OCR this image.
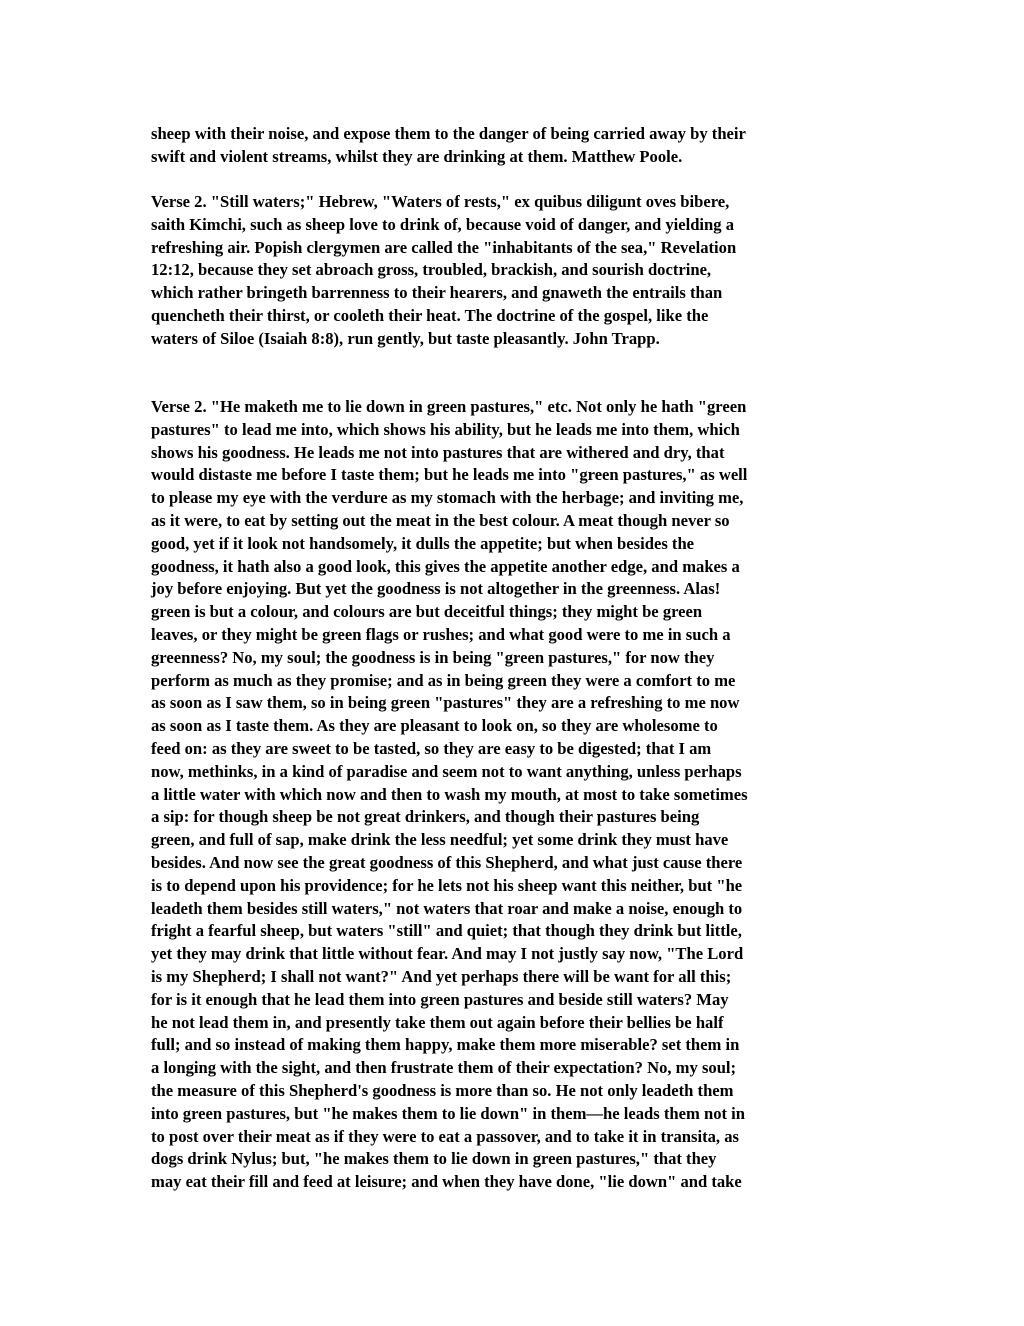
sheep with their noise, and expose them to the danger of being carried away by their
swift and violent streams, whilst they are drinking at them. Matthew Poole.

Verse 2. "Still waters;" Hebrew, "Waters of rests," ex quibus diligunt oves bibere,
saith Kimchi, such as sheep love to drink of, because void of danger, and yielding a
refreshing air. Popish clergymen are called the "inhabitants of the sea," Revelation
12:12, because they set abroach gross, troubled, brackish, and sourish doctrine,
which rather bringeth barrenness to their hearers, and gnaweth the entrails than
quencheth their thirst, or cooleth their heat. The doctrine of the gospel, like the
waters of Siloe (Isaiah 8:8), run gently, but taste pleasantly. John Trapp.

Verse 2. "He maketh me to lie down in green pastures," etc. Not only he hath "green
pastures" to lead me into, which shows his ability, but he leads me into them, which
shows his goodness. He leads me not into pastures that are withered and dry, that
would distaste me before I taste them; but he leads me into "green pastures," as well
to please my eye with the verdure as my stomach with the herbage; and inviting me,
as it were, to eat by setting out the meat in the best colour. A meat though never so
good, yet if it look not handsomely, it dulls the appetite; but when besides the
goodness, it hath also a good look, this gives the appetite another edge, and makes a
joy before enjoying. But yet the goodness is not altogether in the greenness. Alas!
green is but a colour, and colours are but deceitful things; they might be green
leaves, or they might be green flags or rushes; and what good were to me in such a
greenness? No, my soul; the goodness is in being "green pastures," for now they
perform as much as they promise; and as in being green they were a comfort to me
as soon as I saw them, so in being green "pastures" they are a refreshing to me now
as soon as I taste them. As they are pleasant to look on, so they are wholesome to
feed on: as they are sweet to be tasted, so they are easy to be digested; that I am
now, methinks, in a kind of paradise and seem not to want anything, unless perhaps
a little water with which now and then to wash my mouth, at most to take sometimes
a sip: for though sheep be not great drinkers, and though their pastures being
green, and full of sap, make drink the less needful; yet some drink they must have
besides. And now see the great goodness of this Shepherd, and what just cause there
is to depend upon his providence; for he lets not his sheep want this neither, but "he
leadeth them besides still waters," not waters that roar and make a noise, enough to
fright a fearful sheep, but waters "still" and quiet; that though they drink but little,
yet they may drink that little without fear. And may I not justly say now, "The Lord
is my Shepherd; I shall not want?" And yet perhaps there will be want for all this;
for is it enough that he lead them into green pastures and beside still waters? May
he not lead them in, and presently take them out again before their bellies be half
full; and so instead of making them happy, make them more miserable? set them in
a longing with the sight, and then frustrate them of their expectation? No, my soul;
the measure of this Shepherd's goodness is more than so. He not only leadeth them
into green pastures, but "he makes them to lie down" in them—he leads them not in
to post over their meat as if they were to eat a passover, and to take it in transita, as
dogs drink Nylus; but, "he makes them to lie down in green pastures," that they
may eat their fill and feed at leisure; and when they have done, "lie down" and take
